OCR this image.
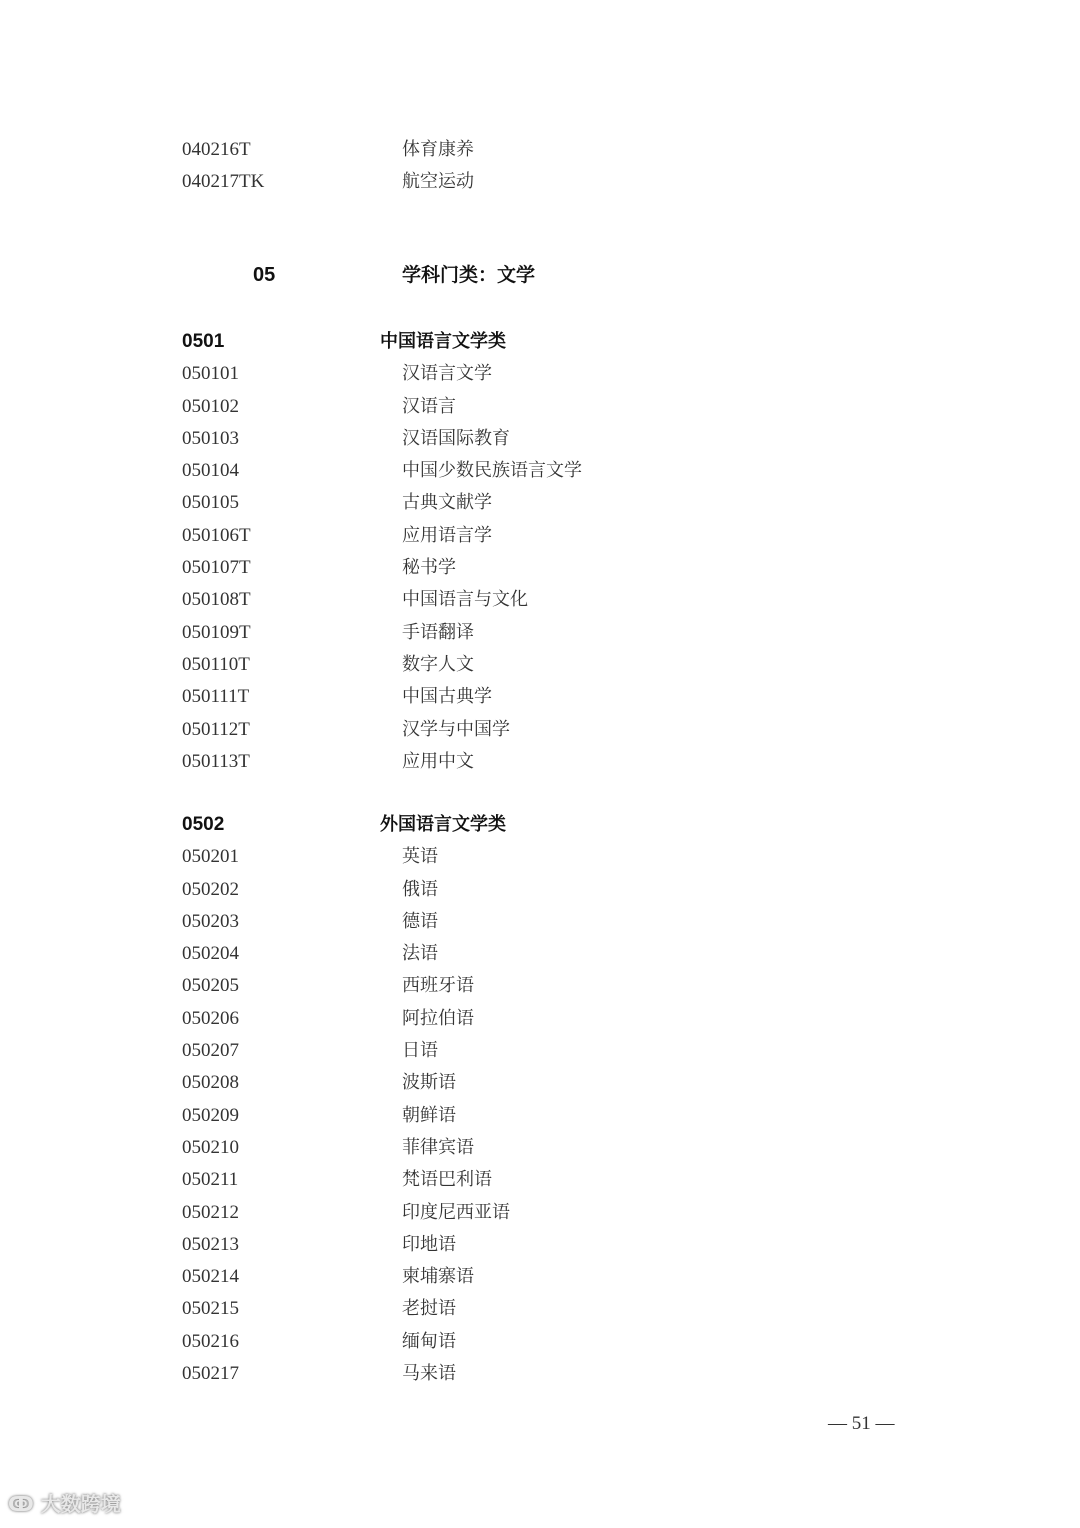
040216T	体育康养
040217TK	航空运动
05	学科门类：文学
0501	中国语言文学类
050101	汉语言文学
050102	汉语言
050103	汉语国际教育
050104	中国少数民族语言文学
050105	古典文献学
050106T	应用语言学
050107T	秘书学
050108T	中国语言与文化
050109T	手语翻译
050110T	数字人文
050111T	中国古典学
050112T	汉学与中国学
050113T	应用中文
0502	外国语言文学类
050201	英语
050202	俄语
050203	德语
050204	法语
050205	西班牙语
050206	阿拉伯语
050207	日语
050208	波斯语
050209	朝鲜语
050210	菲律宾语
050211	梵语巴利语
050212	印度尼西亚语
050213	印地语
050214	柬埔寨语
050215	老挝语
050216	缅甸语
050217	马来语
— 51 —
ↂ 大数跨境
